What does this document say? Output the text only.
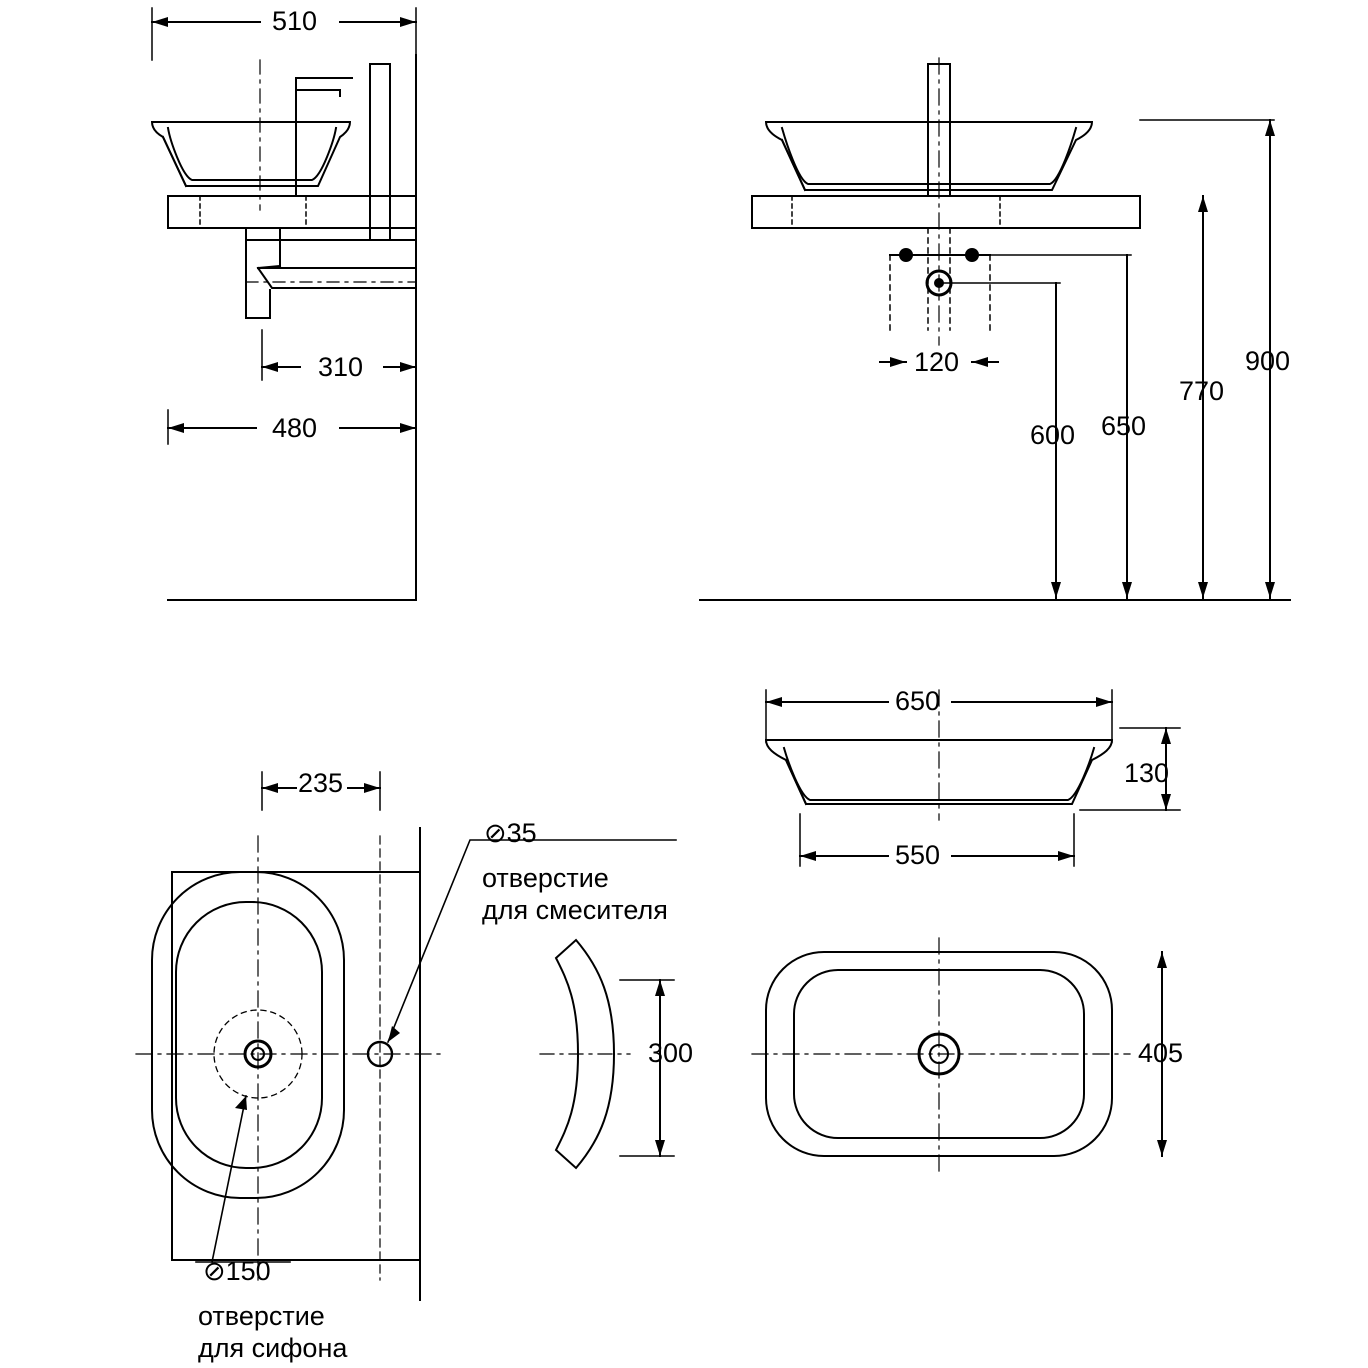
510
310
480
120
600 650
770
900
235
⊘35
отверстие
для смесителя
⊘150
отверстие
для сифона
300
650
130
550
405
